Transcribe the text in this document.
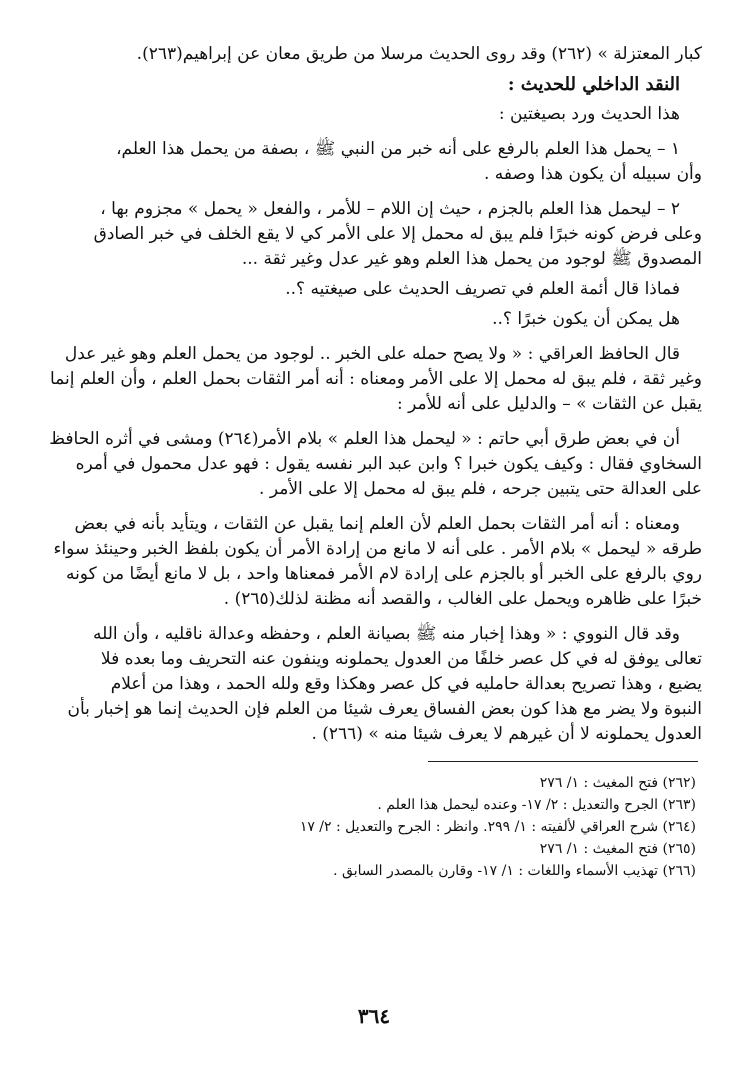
كبار المعتزلة » (٢٦٢) وقد روى الحديث مرسلا من طريق معان عن إبراهيم(٢٦٣).
النقد الداخلي للحديث :
هذا الحديث ورد بصيغتين :
١ – يحمل هذا العلم بالرفع على أنه خبر من النبي ﷺ ، بصفة من يحمل هذا العلم،
وأن سبيله أن يكون هذا وصفه .
٢ – ليحمل هذا العلم بالجزم ، حيث إن اللام – للأمر ، والفعل « يحمل » مجزوم بها ،
وعلى فرض كونه خبرًا فلم يبق له محمل إلا على الأمر كي لا يقع الخلف في خبر الصادق
المصدوق ﷺ لوجود من يحمل هذا العلم وهو غير عدل وغير ثقة ...
فماذا قال أئمة العلم في تصريف الحديث على صيغتيه ؟..
هل يمكن أن يكون خبرًا ؟..
قال الحافظ العراقي : « ولا يصح حمله على الخبر .. لوجود من يحمل العلم وهو غير عدل
وغير ثقة ، فلم يبق له محمل إلا على الأمر ومعناه : أنه أمر الثقات بحمل العلم ، وأن العلم إنما
يقبل عن الثقات » – والدليل على أنه للأمر :
أن في بعض طرق أبي حاتم : « ليحمل هذا العلم » بلام الأمر(٢٦٤) ومشى في أثره الحافظ
السخاوي فقال : وكيف يكون خبرا ؟ وابن عبد البر نفسه يقول : فهو عدل محمول في أمره
على العدالة حتى يتبين جرحه ، فلم يبق له محمل إلا على الأمر .
ومعناه : أنه أمر الثقات بحمل العلم لأن العلم إنما يقبل عن الثقات ، ويتأيد بأنه في بعض
طرقه « ليحمل » بلام الأمر . على أنه لا مانع من إرادة الأمر أن يكون بلفظ الخبر وحينئذ سواء
روي بالرفع على الخبر أو بالجزم على إرادة لام الأمر فمعناها واحد ، بل لا مانع أيضًا من كونه
خبرًا على ظاهره ويحمل على الغالب ، والقصد أنه مظنة لذلك(٢٦٥) .
وقد قال النووي : « وهذا إخبار منه ﷺ بصيانة العلم ، وحفظه وعدالة ناقليه ، وأن الله
تعالى يوفق له في كل عصر خلفًا من العدول يحملونه وينفون عنه التحريف وما بعده فلا
يضيع ، وهذا تصريح بعدالة حامليه في كل عصر وهكذا وقع ولله الحمد ، وهذا من أعلام
النبوة ولا يضر مع هذا كون بعض الفساق يعرف شيئا من العلم فإن الحديث إنما هو إخبار بأن
العدول يحملونه لا أن غيرهم لا يعرف شيئا منه » (٢٦٦) .
(٢٦٢) فتح المغيث : ١/ ٢٧٦
(٢٦٣) الجرح والتعديل : ٢/ ١٧- وعنده ليحمل هذا العلم .
(٢٦٤) شرح العراقي لألفيته : ١/ ٢٩٩. وانظر : الجرح والتعديل : ٢/ ١٧
(٢٦٥) فتح المغيث : ١/ ٢٧٦
(٢٦٦) تهذيب الأسماء واللغات : ١/ ١٧- وقارن بالمصدر السابق .
٣٦٤
